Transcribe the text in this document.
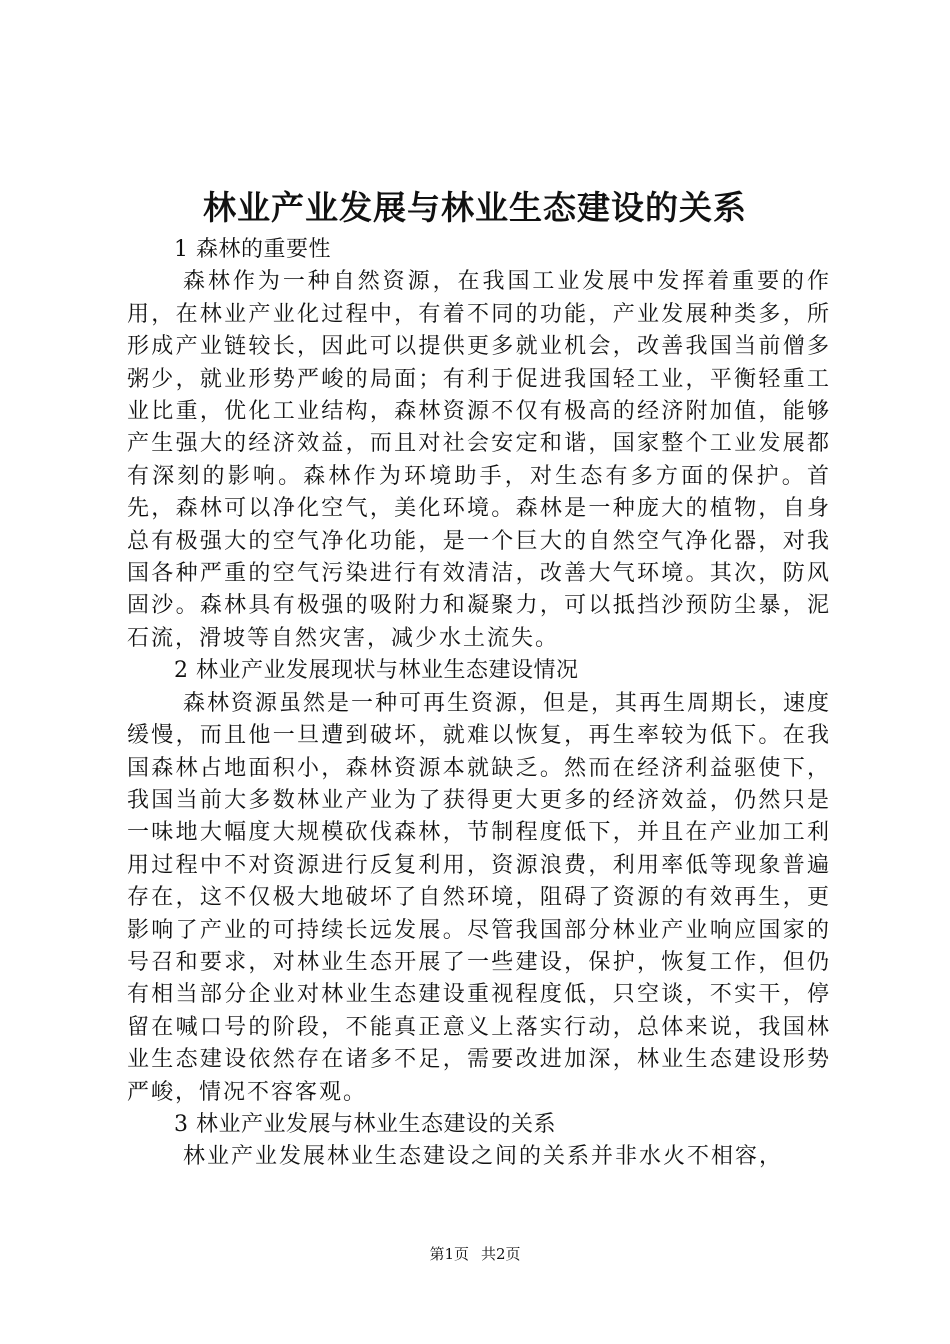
林业产业发展与林业生态建设的关系

1 森林的重要性

森林作为一种自然资源，在我国工业发展中发挥着重要的作用，在林业产业化过程中，有着不同的功能，产业发展种类多，所形成产业链较长，因此可以提供更多就业机会，改善我国当前僧多粥少，就业形势严峻的局面；有利于促进我国轻工业，平衡轻重工业比重，优化工业结构，森林资源不仅有极高的经济附加值，能够产生强大的经济效益，而且对社会安定和谐，国家整个工业发展都有深刻的影响。森林作为环境助手，对生态有多方面的保护。首先，森林可以净化空气，美化环境。森林是一种庞大的植物，自身总有极强大的空气净化功能，是一个巨大的自然空气净化器，对我国各种严重的空气污染进行有效清洁，改善大气环境。其次，防风固沙。森林具有极强的吸附力和凝聚力，可以抵挡沙预防尘暴，泥石流，滑坡等自然灾害，减少水土流失。

2 林业产业发展现状与林业生态建设情况

森林资源虽然是一种可再生资源，但是，其再生周期长，速度缓慢，而且他一旦遭到破坏，就难以恢复，再生率较为低下。在我国森林占地面积小，森林资源本就缺乏。然而在经济利益驱使下，我国当前大多数林业产业为了获得更大更多的经济效益，仍然只是一味地大幅度大规模砍伐森林，节制程度低下，并且在产业加工利用过程中不对资源进行反复利用，资源浪费，利用率低等现象普遍存在，这不仅极大地破坏了自然环境，阻碍了资源的有效再生，更影响了产业的可持续长远发展。尽管我国部分林业产业响应国家的号召和要求，对林业生态开展了一些建设，保护，恢复工作，但仍有相当部分企业对林业生态建设重视程度低，只空谈，不实干，停留在喊口号的阶段，不能真正意义上落实行动，总体来说，我国林业生态建设依然存在诸多不足，需要改进加深，林业生态建设形势严峻，情况不容客观。

3 林业产业发展与林业生态建设的关系

林业产业发展林业生态建设之间的关系并非水火不相容，

第1页 共2页
